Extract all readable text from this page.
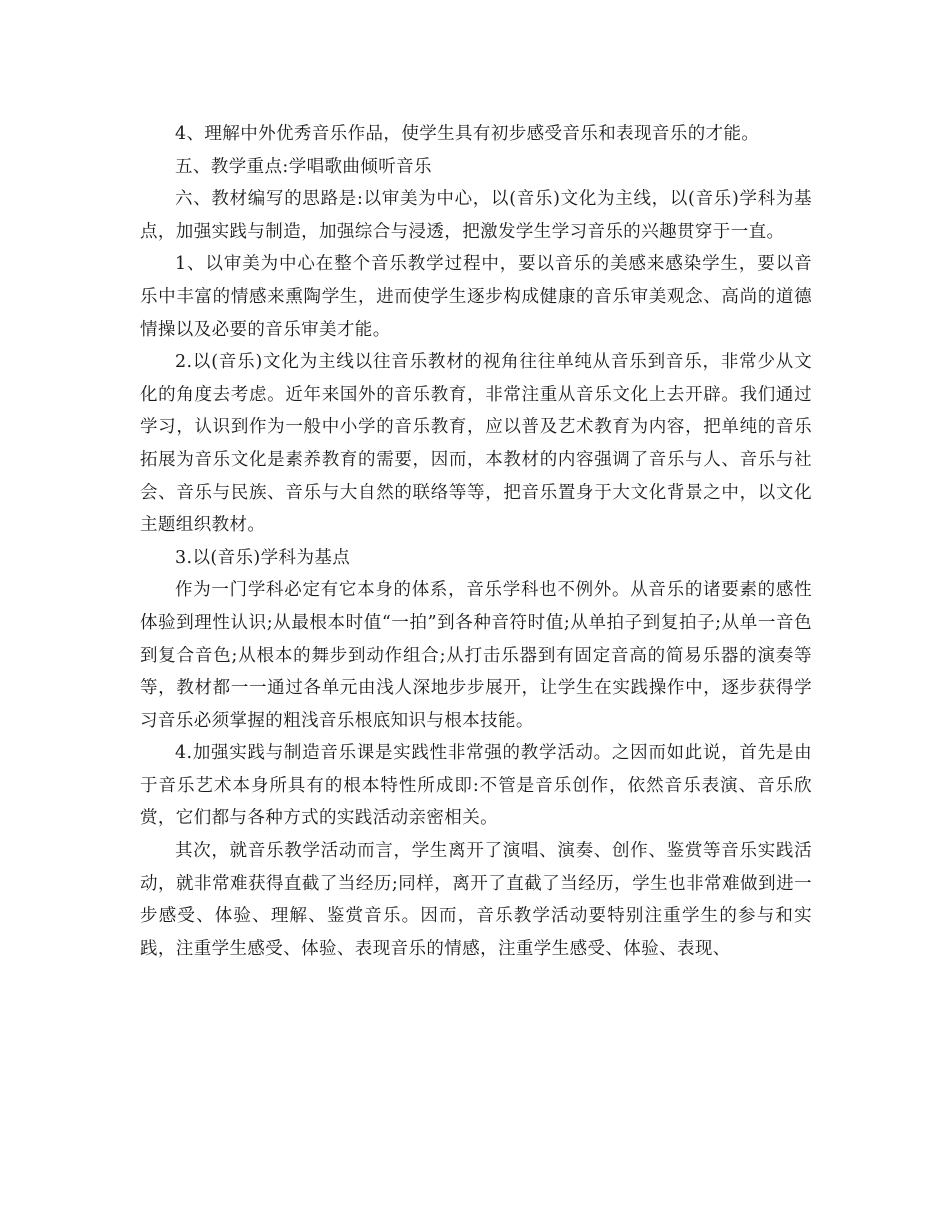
4、理解中外优秀音乐作品，使学生具有初步感受音乐和表现音乐的才能。

五、教学重点:学唱歌曲倾听音乐

六、教材编写的思路是:以审美为中心，以(音乐)文化为主线，以(音乐)学科为基点，加强实践与制造，加强综合与浸透，把激发学生学习音乐的兴趣贯穿于一直。

1、以审美为中心在整个音乐教学过程中，要以音乐的美感来感染学生，要以音乐中丰富的情感来熏陶学生，进而使学生逐步构成健康的音乐审美观念、高尚的道德情操以及必要的音乐审美才能。

2.以(音乐)文化为主线以往音乐教材的视角往往单纯从音乐到音乐，非常少从文化的角度去考虑。近年来国外的音乐教育，非常注重从音乐文化上去开辟。我们通过学习，认识到作为一般中小学的音乐教育，应以普及艺术教育为内容，把单纯的音乐拓展为音乐文化是素养教育的需要，因而，本教材的内容强调了音乐与人、音乐与社会、音乐与民族、音乐与大自然的联络等等，把音乐置身于大文化背景之中，以文化主题组织教材。

3.以(音乐)学科为基点

作为一门学科必定有它本身的体系，音乐学科也不例外。从音乐的诸要素的感性体验到理性认识;从最根本时值“一拍”到各种音符时值;从单拍子到复拍子;从单一音色到复合音色;从根本的舞步到动作组合;从打击乐器到有固定音高的简易乐器的演奏等等，教材都一一通过各单元由浅人深地步步展开，让学生在实践操作中，逐步获得学习音乐必须掌握的粗浅音乐根底知识与根本技能。

4.加强实践与制造音乐课是实践性非常强的教学活动。之因而如此说，首先是由于音乐艺术本身所具有的根本特性所成即:不管是音乐创作，依然音乐表演、音乐欣赏，它们都与各种方式的实践活动亲密相关。

其次，就音乐教学活动而言，学生离开了演唱、演奏、创作、鉴赏等音乐实践活动，就非常难获得直截了当经历;同样，离开了直截了当经历，学生也非常难做到进一步感受、体验、理解、鉴赏音乐。因而，音乐教学活动要特别注重学生的参与和实践，注重学生感受、体验、表现音乐的情感，注重学生感受、体验、表现、
